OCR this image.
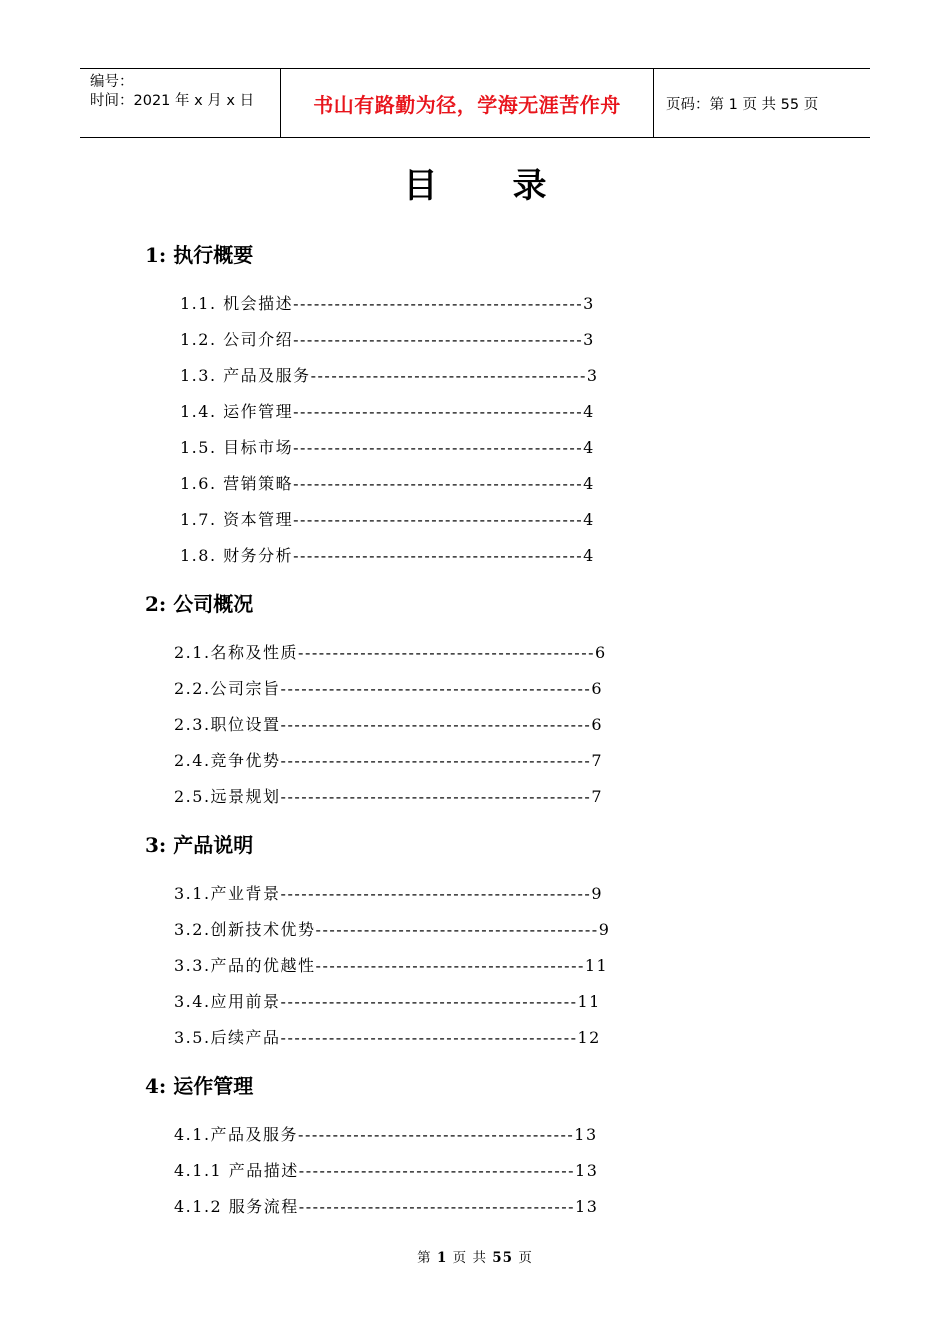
编号：
时间：2021 年 x 月 x 日	书山有路勤为径，学海无涯苦作舟	页码：第 1 页 共 55 页
目录
1: 执行概要
1.1. 机会描述------------------------------------------3
1.2. 公司介绍------------------------------------------3
1.3. 产品及服务----------------------------------------3
1.4. 运作管理------------------------------------------4
1.5. 目标市场------------------------------------------4
1.6. 营销策略------------------------------------------4
1.7. 资本管理------------------------------------------4
1.8. 财务分析------------------------------------------4
2: 公司概况
2.1.名称及性质-------------------------------------------6
2.2.公司宗旨---------------------------------------------6
2.3.职位设置---------------------------------------------6
2.4.竞争优势---------------------------------------------7
2.5.远景规划---------------------------------------------7
3: 产品说明
3.1.产业背景---------------------------------------------9
3.2.创新技术优势-----------------------------------------9
3.3.产品的优越性---------------------------------------11
3.4.应用前景-------------------------------------------11
3.5.后续产品-------------------------------------------12
4: 运作管理
4.1.产品及服务----------------------------------------13
4.1.1 产品描述----------------------------------------13
4.1.2 服务流程----------------------------------------13
第 1 页 共 55 页
